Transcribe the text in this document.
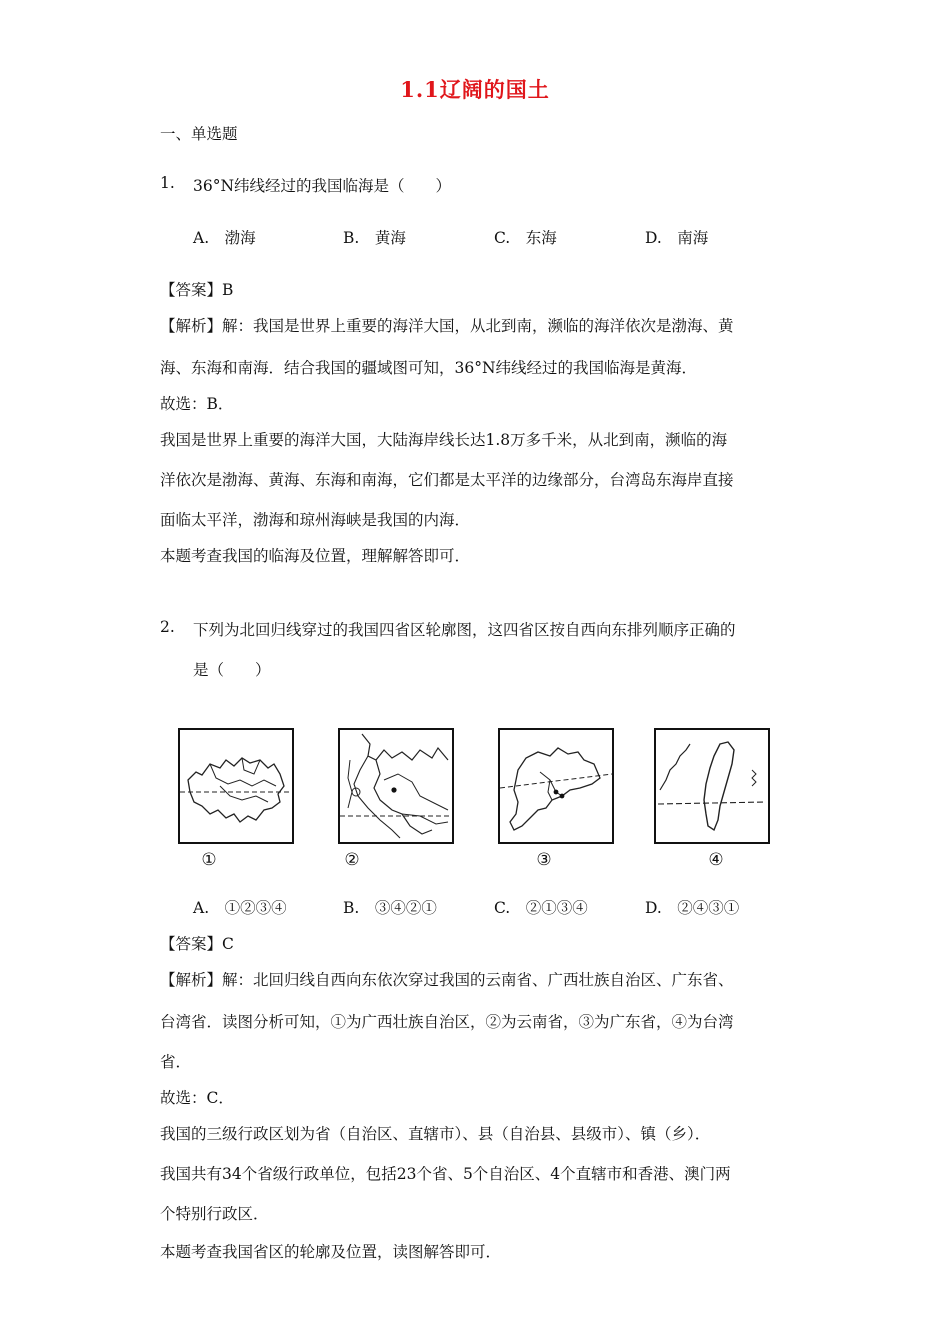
1.1辽阔的国土
一、单选题
1. 36°N纬线经过的我国临海是（　　）
A.　渤海	B.　黄海	C.　东海	D.　南海
【答案】B
【解析】解：我国是世界上重要的海洋大国，从北到南，濒临的海洋依次是渤海、黄
海、东海和南海．结合我国的疆域图可知，36°N纬线经过的我国临海是黄海．
故选：B．
我国是世界上重要的海洋大国，大陆海岸线长达1.8万多千米，从北到南，濒临的海
洋依次是渤海、黄海、东海和南海，它们都是太平洋的边缘部分，台湾岛东海岸直接
面临太平洋，渤海和琼州海峡是我国的内海．
本题考查我国的临海及位置，理解解答即可．
2. 下列为北回归线穿过的我国四省区轮廓图，这四省区按自西向东排列顺序正确的
是（　　）
①	②	③	④
A.　①②③④	B.　③④②①	C.　②①③④	D.　②④③①
【答案】C
【解析】解：北回归线自西向东依次穿过我国的云南省、广西壮族自治区、广东省、
台湾省．读图分析可知，①为广西壮族自治区，②为云南省，③为广东省，④为台湾
省．
故选：C．
我国的三级行政区划为省（自治区、直辖市）、县（自治县、县级市）、镇（乡）．
我国共有34个省级行政单位，包括23个省、5个自治区、4个直辖市和香港、澳门两
个特别行政区．
本题考查我国省区的轮廓及位置，读图解答即可．
